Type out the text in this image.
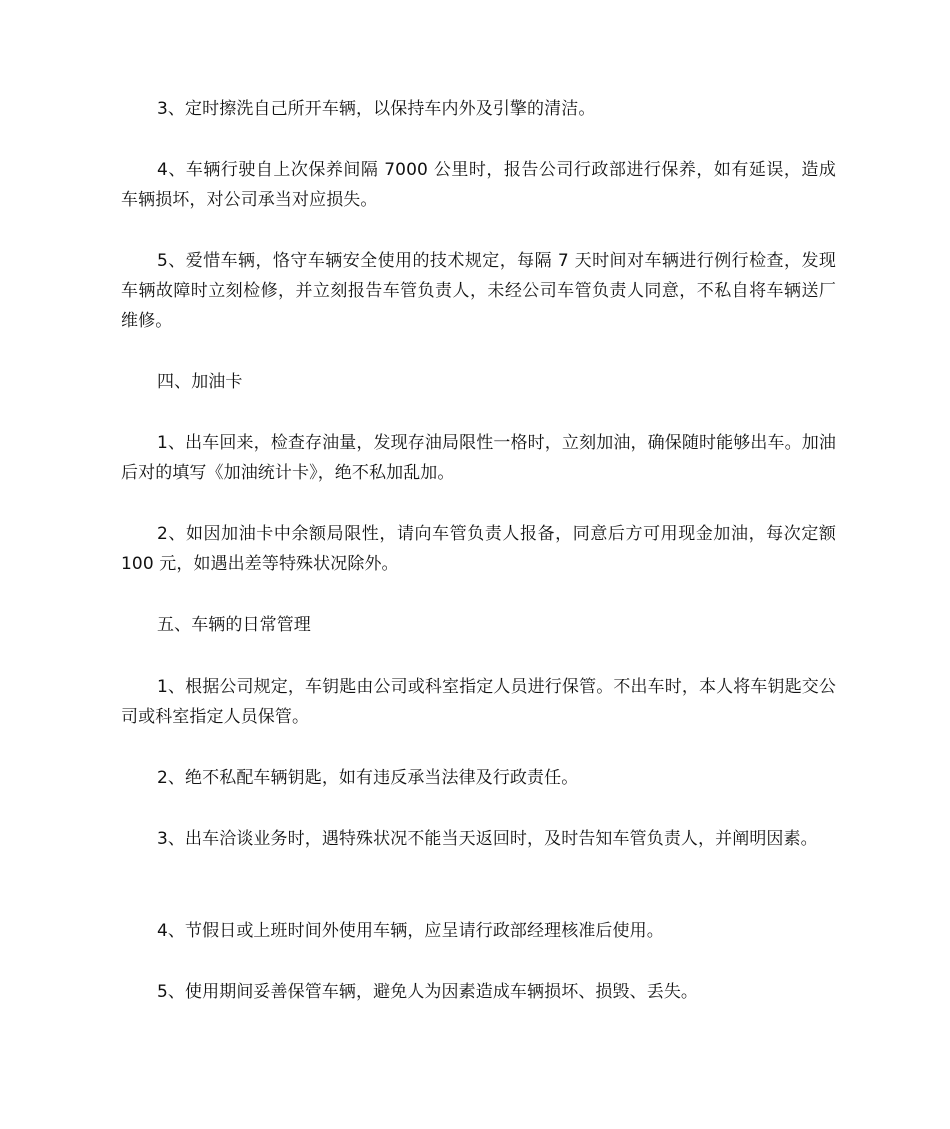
3、定时擦洗自己所开车辆，以保持车内外及引擎的清洁。

4、车辆行驶自上次保养间隔 7000 公里时，报告公司行政部进行保养，如有延误，造成车辆损坏，对公司承当对应损失。

5、爱惜车辆，恪守车辆安全使用的技术规定，每隔 7 天时间对车辆进行例行检查，发现车辆故障时立刻检修，并立刻报告车管负责人，未经公司车管负责人同意，不私自将车辆送厂维修。

四、加油卡

1、出车回来，检查存油量，发现存油局限性一格时，立刻加油，确保随时能够出车。加油后对的填写《加油统计卡》，绝不私加乱加。

2、如因加油卡中余额局限性，请向车管负责人报备，同意后方可用现金加油，每次定额 100 元，如遇出差等特殊状况除外。

五、车辆的日常管理

1、根据公司规定，车钥匙由公司或科室指定人员进行保管。不出车时，本人将车钥匙交公司或科室指定人员保管。

2、绝不私配车辆钥匙，如有违反承当法律及行政责任。

3、出车洽谈业务时，遇特殊状况不能当天返回时，及时告知车管负责人，并阐明因素。

4、节假日或上班时间外使用车辆，应呈请行政部经理核准后使用。

5、使用期间妥善保管车辆，避免人为因素造成车辆损坏、损毁、丢失。
